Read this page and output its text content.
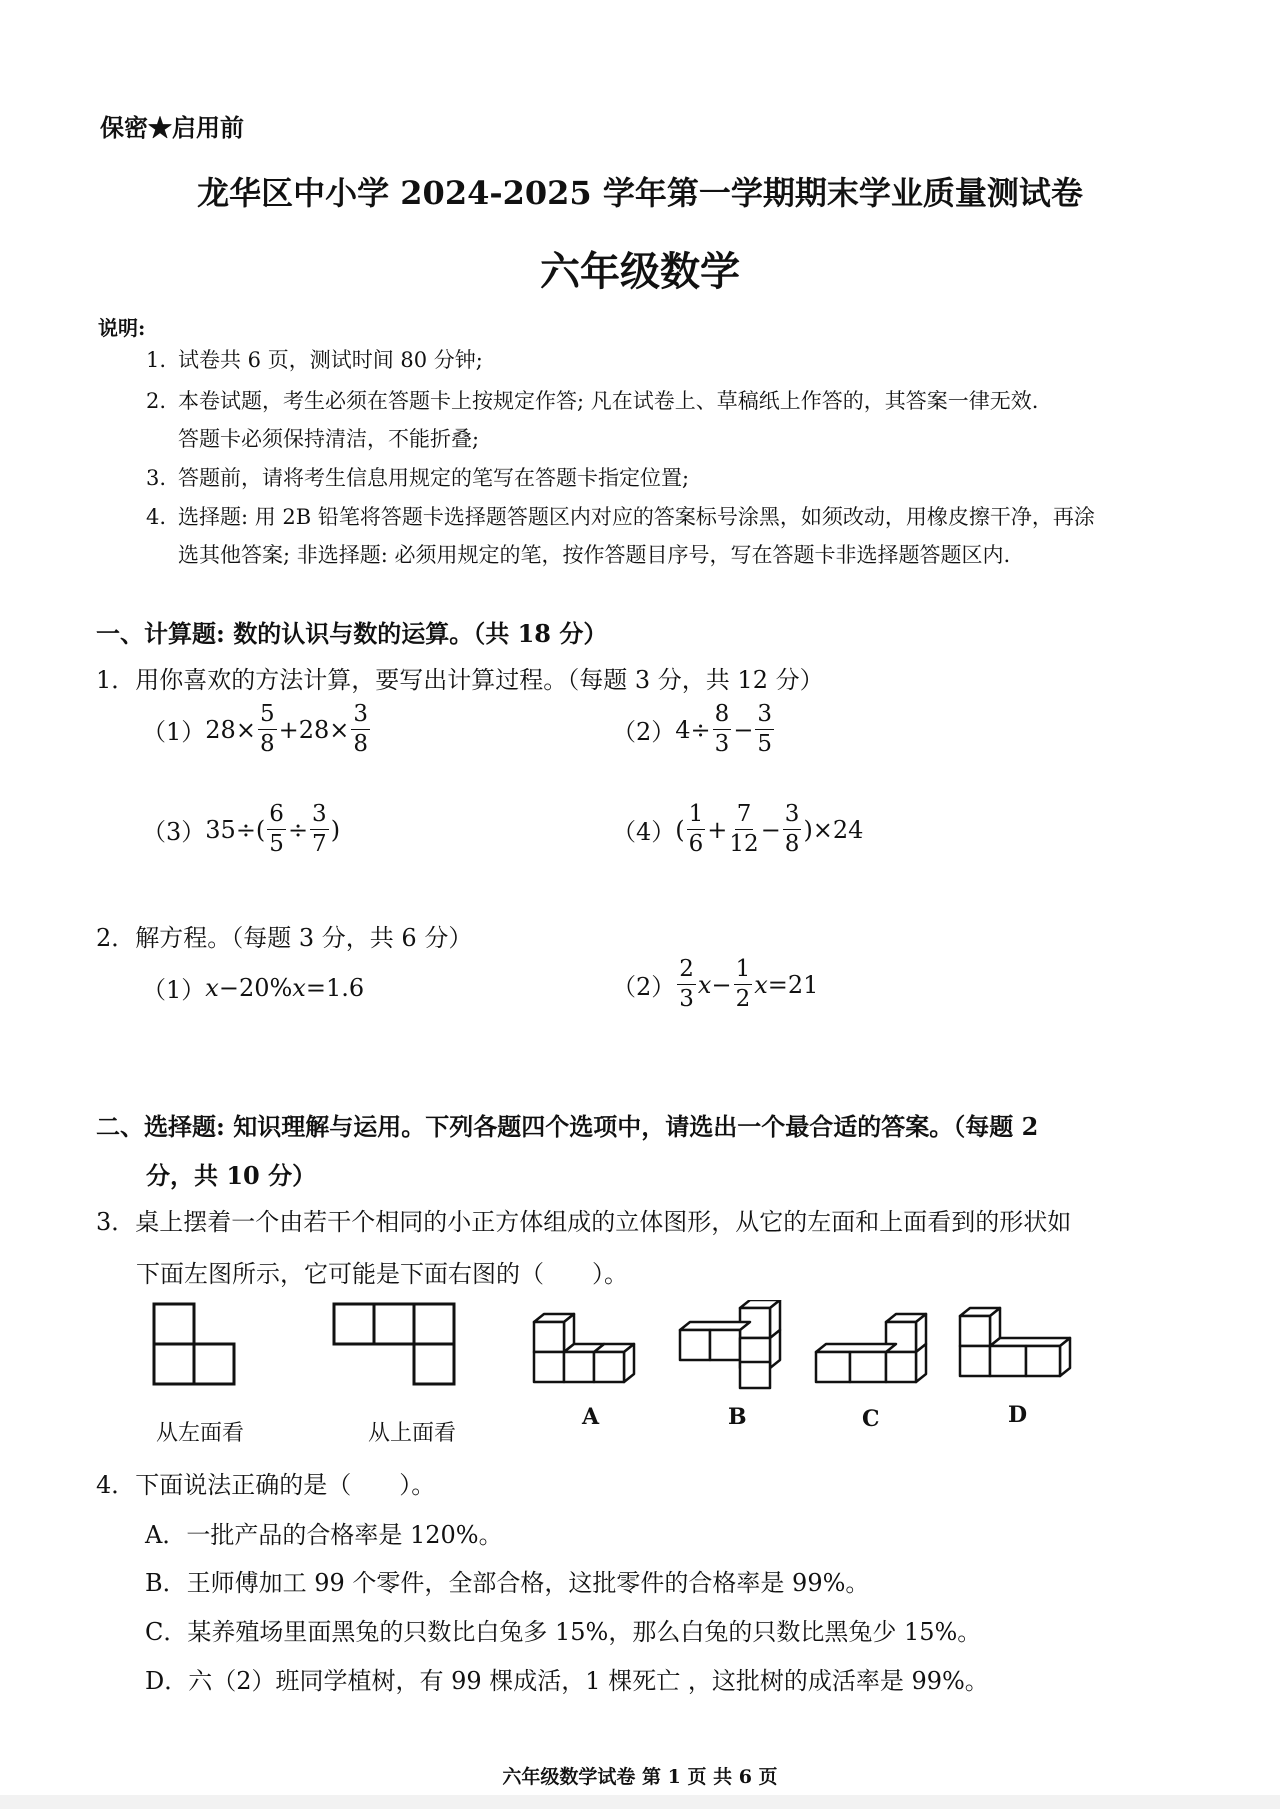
保密★启用前
龙华区中小学 2024-2025 学年第一学期期末学业质量测试卷
六年级数学
说明:
1. 试卷共 6 页，测试时间 80 分钟;
2. 本卷试题，考生必须在答题卡上按规定作答; 凡在试卷上、草稿纸上作答的，其答案一律无效.
答题卡必须保持清洁，不能折叠;
3. 答题前，请将考生信息用规定的笔写在答题卡指定位置;
4. 选择题: 用 2B 铅笔将答题卡选择题答题区内对应的答案标号涂黑，如须改动，用橡皮擦干净，再涂
选其他答案; 非选择题: 必须用规定的笔，按作答题目序号，写在答题卡非选择题答题区内.
一、计算题: 数的认识与数的运算。（共 18 分）
1．用你喜欢的方法计算，要写出计算过程。（每题 3 分，共 12 分）
（1） $28\times \frac{5}{8} +28\times \frac{3}{8}$	（2） $4\div \frac{8}{3} - \frac{3}{5}$
（3） $35\div( \frac{6}{5} \div \frac{3}{7}$ )	（4） ( $\frac{1}{6} + \frac{7}{12} - \frac{3}{8} )\times 24$
2．解方程。（每题 3 分，共 6 分）
（1） x −20% x =1.6	$(2) \frac{2}{3}$ $x - \frac{1}{2}$ x =21
二、选择题: 知识理解与运用。下列各题四个选项中，请选出一个最合适的答案。（每题 2
分，共 10 分）
3．桌上摆着一个由若干个相同的小正方体组成的立体图形，从它的左面和上面看到的形状如
下面左图所示，它可能是下面右图的（　　）。
从左面看	从上面看
A	B	C	D
4．下面说法正确的是（　　）。
A．一批产品的合格率是 120%。
B．王师傅加工 99 个零件，全部合格，这批零件的合格率是 99%。
C．某养殖场里面黑兔的只数比白兔多 15%，那么白兔的只数比黑兔少 15%。
D．六（2）班同学植树，有 99 棵成活，1 棵死亡 ，这批树的成活率是 99%。
六年级数学试卷 第 1 页 共 6 页
